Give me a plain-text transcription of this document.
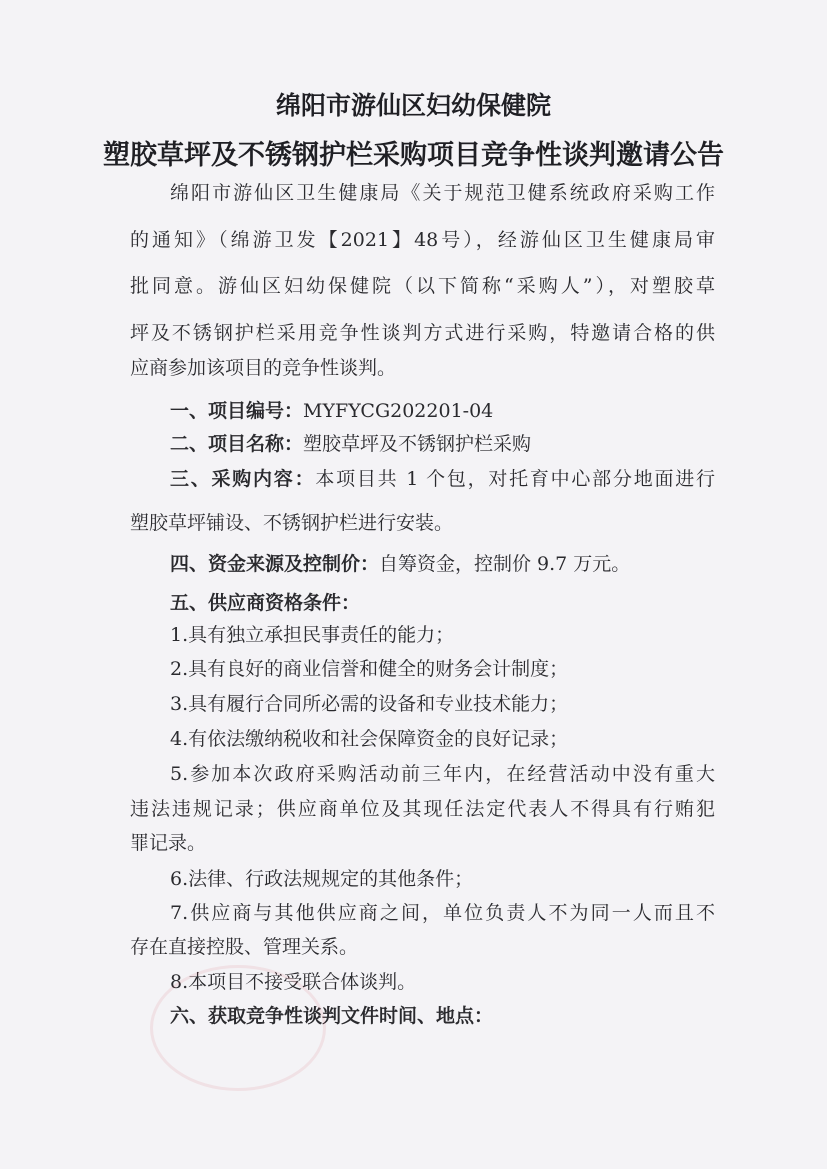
绵阳市游仙区妇幼保健院
塑胶草坪及不锈钢护栏采购项目竞争性谈判邀请公告
绵阳市游仙区卫生健康局《关于规范卫健系统政府采购工作
的通知》（绵游卫发【2021】48号），经游仙区卫生健康局审
批同意。游仙区妇幼保健院（以下简称“采购人”），对塑胶草
坪及不锈钢护栏采用竞争性谈判方式进行采购，特邀请合格的供
应商参加该项目的竞争性谈判。
一、项目编号：MYFYCG202201-04
二、项目名称：塑胶草坪及不锈钢护栏采购
三、采购内容：本项目共 1 个包，对托育中心部分地面进行
塑胶草坪铺设、不锈钢护栏进行安装。
四、资金来源及控制价：自筹资金，控制价 9.7 万元。
五、供应商资格条件：
1.具有独立承担民事责任的能力；
2.具有良好的商业信誉和健全的财务会计制度；
3.具有履行合同所必需的设备和专业技术能力；
4.有依法缴纳税收和社会保障资金的良好记录；
5.参加本次政府采购活动前三年内，在经营活动中没有重大
违法违规记录；供应商单位及其现任法定代表人不得具有行贿犯
罪记录。
6.法律、行政法规规定的其他条件；
7.供应商与其他供应商之间，单位负责人不为同一人而且不
存在直接控股、管理关系。
8.本项目不接受联合体谈判。
六、获取竞争性谈判文件时间、地点：
